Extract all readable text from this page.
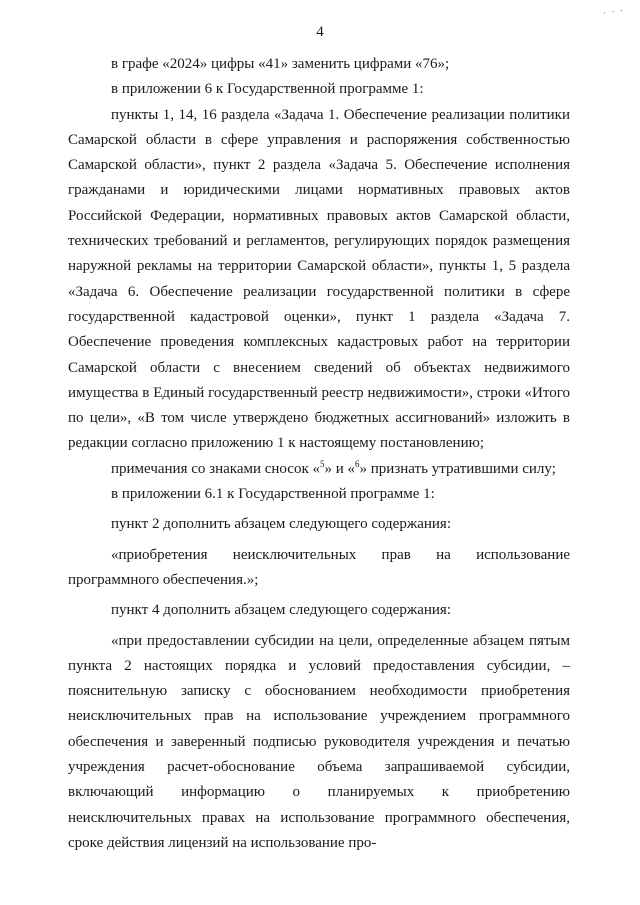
. . .
4

в графе «2024» цифры «41» заменить цифрами «76»;

в приложении 6 к Государственной программе 1:

пункты 1, 14, 16 раздела «Задача 1. Обеспечение реализации политики Самарской области в сфере управления и распоряжения собственностью Самарской области», пункт 2 раздела «Задача 5. Обеспечение исполнения гражданами и юридическими лицами нормативных правовых актов Российской Федерации, нормативных правовых актов Самарской области, технических требований и регламентов, регулирующих порядок размещения наружной рекламы на территории Самарской области», пункты 1, 5 раздела «Задача 6. Обеспечение реализации государственной политики в сфере государственной кадастровой оценки», пункт 1 раздела «Задача 7. Обеспечение проведения комплексных кадастровых работ на территории Самарской области с внесением сведений об объектах недвижимого имущества в Единый государственный реестр недвижимости», строки «Итого по цели», «В том числе утверждено бюджетных ассигнований» изложить в редакции согласно приложению 1 к настоящему постановлению;

примечания со знаками сносок «$^5$» и «$^6$» признать утратившими силу;

в приложении 6.1 к Государственной программе 1:

пункт 2 дополнить абзацем следующего содержания:

«приобретения неисключительных прав на использование программного обеспечения.»;

пункт 4 дополнить абзацем следующего содержания:

«при предоставлении субсидии на цели, определенные абзацем пятым пункта 2 настоящих порядка и условий предоставления субсидии, – пояснительную записку с обоснованием необходимости приобретения неисключительных прав на использование учреждением программного обеспечения и заверенный подписью руководителя учреждения и печатью учреждения расчет-обоснование объема запрашиваемой субсидии, включающий информацию о планируемых к приобретению неисключительных правах на использование программного обеспечения, сроке действия лицензий на использование про-
